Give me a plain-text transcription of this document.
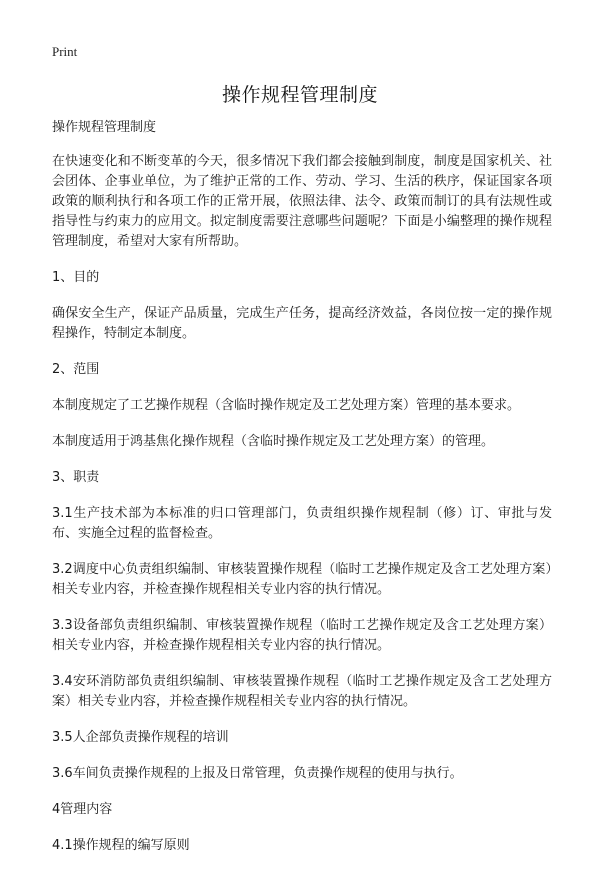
Print
操作规程管理制度

操作规程管理制度

在快速变化和不断变革的今天，很多情况下我们都会接触到制度，制度是国家机关、社会团体、企事业单位，为了维护正常的工作、劳动、学习、生活的秩序，保证国家各项政策的顺利执行和各项工作的正常开展，依照法律、法令、政策而制订的具有法规性或指导性与约束力的应用文。拟定制度需要注意哪些问题呢？下面是小编整理的操作规程管理制度，希望对大家有所帮助。

1、目的

确保安全生产，保证产品质量，完成生产任务，提高经济效益，各岗位按一定的操作规程操作，特制定本制度。

2、范围

本制度规定了工艺操作规程（含临时操作规定及工艺处理方案）管理的基本要求。

本制度适用于鸿基焦化操作规程（含临时操作规定及工艺处理方案）的管理。

3、职责

3.1生产技术部为本标准的归口管理部门，负责组织操作规程制（修）订、审批与发布、实施全过程的监督检查。

3.2调度中心负责组织编制、审核装置操作规程（临时工艺操作规定及含工艺处理方案）相关专业内容，并检查操作规程相关专业内容的执行情况。

3.3设备部负责组织编制、审核装置操作规程（临时工艺操作规定及含工艺处理方案）相关专业内容，并检查操作规程相关专业内容的执行情况。

3.4安环消防部负责组织编制、审核装置操作规程（临时工艺操作规定及含工艺处理方案）相关专业内容，并检查操作规程相关专业内容的执行情况。

3.5人企部负责操作规程的培训

3.6车间负责操作规程的上报及日常管理，负责操作规程的使用与执行。

4管理内容

4.1操作规程的编写原则
